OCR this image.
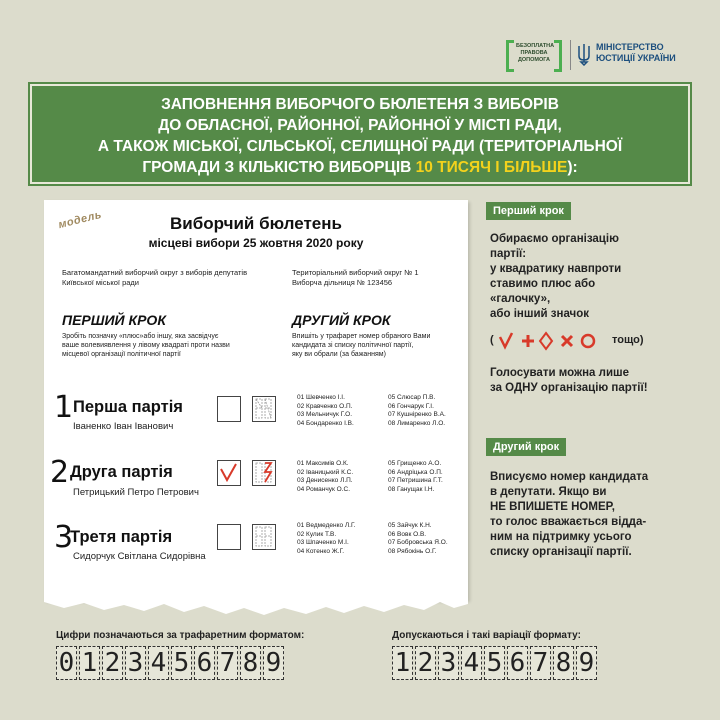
БЕЗОПЛАТНА ПРАВОВА ДОПОМОГА
МІНІСТЕРСТВО
ЮСТИЦІЇ УКРАЇНИ

ЗАПОВНЕННЯ ВИБОРЧОГО БЮЛЕТЕНЯ З ВИБОРІВ
ДО ОБЛАСНОЇ, РАЙОННОЇ, РАЙОННОЇ У МІСТІ РАДИ,
А ТАКОЖ МІСЬКОЇ, СІЛЬСЬКОЇ, СЕЛИЩНОЇ РАДИ (ТЕРИТОРІАЛЬНОЇ
ГРОМАДИ З КІЛЬКІСТЮ ВИБОРЦІВ 10 ТИСЯЧ І БІЛЬШЕ):

модель	Виборчий бюлетень
місцеві вибори 25 жовтня 2020 року
Багатомандатний виборчий округ з виборів депутатів
Київської міської ради
Територіальний виборчий округ № 1
Виборча дільниця № 123456
ПЕРШИЙ КРОК
Зробіть позначку «плюс»або іншу, яка засвідчує
ваше волевиявлення у лівому квадраті проти назви
місцевої організації політичної партії
ДРУГИЙ КРОК
Впишіть у трафарет номер обраного Вами
кандидата зі списку політичної партії,
яку ви обрали (за бажанням)
1 Перша партія
Іваненко Іван Іванович
01 Шевченко І.І.
02 Кравченко О.П.
03 Мельничук Г.О.
04 Бондаренко І.В.
05 Слюсар П.В.
06 Гончарук Г.І.
07 Кушніренко В.А.
08 Лимаренко Л.О.
2 Друга партія
Петрицький Петро Петрович
01 Максимів О.К.
02 Іваницький К.С.
03 Денисенко Л.П.
04 Романчук О.С.
05 Грищенко А.О.
06 Андріцька О.П.
07 Петришина Г.Т.
08 Ганущак І.Н.
3
Третя партія
Сидорчук Світлана Сидорівна
01 Ведмеденко Л.Г.
02 Кулик Т.В.
03 Шпаченко М.І.
04 Котенко Ж.Г.
05 Зайчук К.Н.
06 Вовк О.В.
07 Бобровська Я.О.
08 Рябокінь О.Г.
Перший крок
Обираємо організацію
партії:
у квадратику навпроти
ставимо плюс або
«галочку»,
або інший значок
(	тощо)
Голосувати можна лише
за ОДНУ організацію партії!
Другий крок
Вписуємо номер кандидата
в депутати. Якщо ви
НЕ ВПИШЕТЕ НОМЕР,
то голос вважається відда-
ним на підтримку усього
списку організації партії.
Цифри позначаються за трафаретним форматом:	Допускаються і такі варіації формату:
0 1 2 3 4 5 6 7 8 9	1 2 3 4 5 6 7 8 9
